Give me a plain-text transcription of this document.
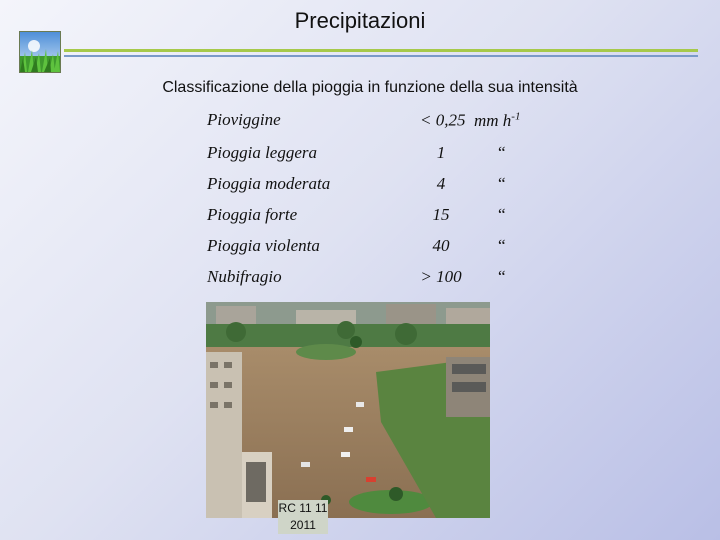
Precipitazioni
Classificazione della pioggia in funzione della sua intensità
Pioviggine	< 0,25 mm $h^{-1}$
Pioggia leggera	1	“
Pioggia moderata	4	“
Pioggia forte	15	“
Pioggia violenta	40	“
Nubifragio	> 100	“
RC 11 11
2011
